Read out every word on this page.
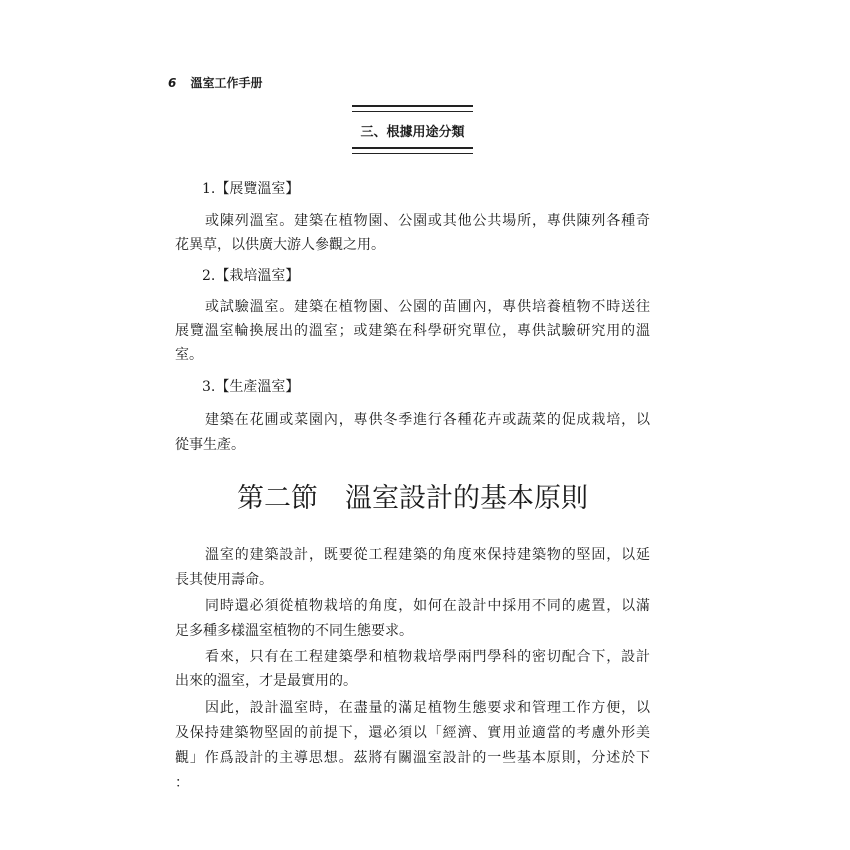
6 溫室工作手册
三、根據用途分類
1.【展覽溫室】
或陳列溫室。建築在植物園、公園或其他公共場所，專供陳列各種奇
花異草，以供廣大游人參觀之用。
2.【栽培溫室】
或試驗溫室。建築在植物園、公園的苗圃內，專供培養植物不時送往
展覽溫室輪換展出的溫室；或建築在科學研究單位，專供試驗研究用的溫
室。
3.【生產溫室】
建築在花圃或菜園內，專供冬季進行各種花卉或蔬菜的促成栽培，以
從事生產。
第二節　溫室設計的基本原則
溫室的建築設計，既要從工程建築的角度來保持建築物的堅固，以延
長其使用壽命。
同時還必須從植物栽培的角度，如何在設計中採用不同的處置，以滿
足多種多樣溫室植物的不同生態要求。
看來，只有在工程建築學和植物栽培學兩門學科的密切配合下，設計
出來的溫室，才是最實用的。
因此，設計溫室時，在盡量的滿足植物生態要求和管理工作方便，以
及保持建築物堅固的前提下，還必須以「經濟、實用並適當的考慮外形美
觀」作爲設計的主導思想。茲將有關溫室設計的一些基本原則，分述於下
：
